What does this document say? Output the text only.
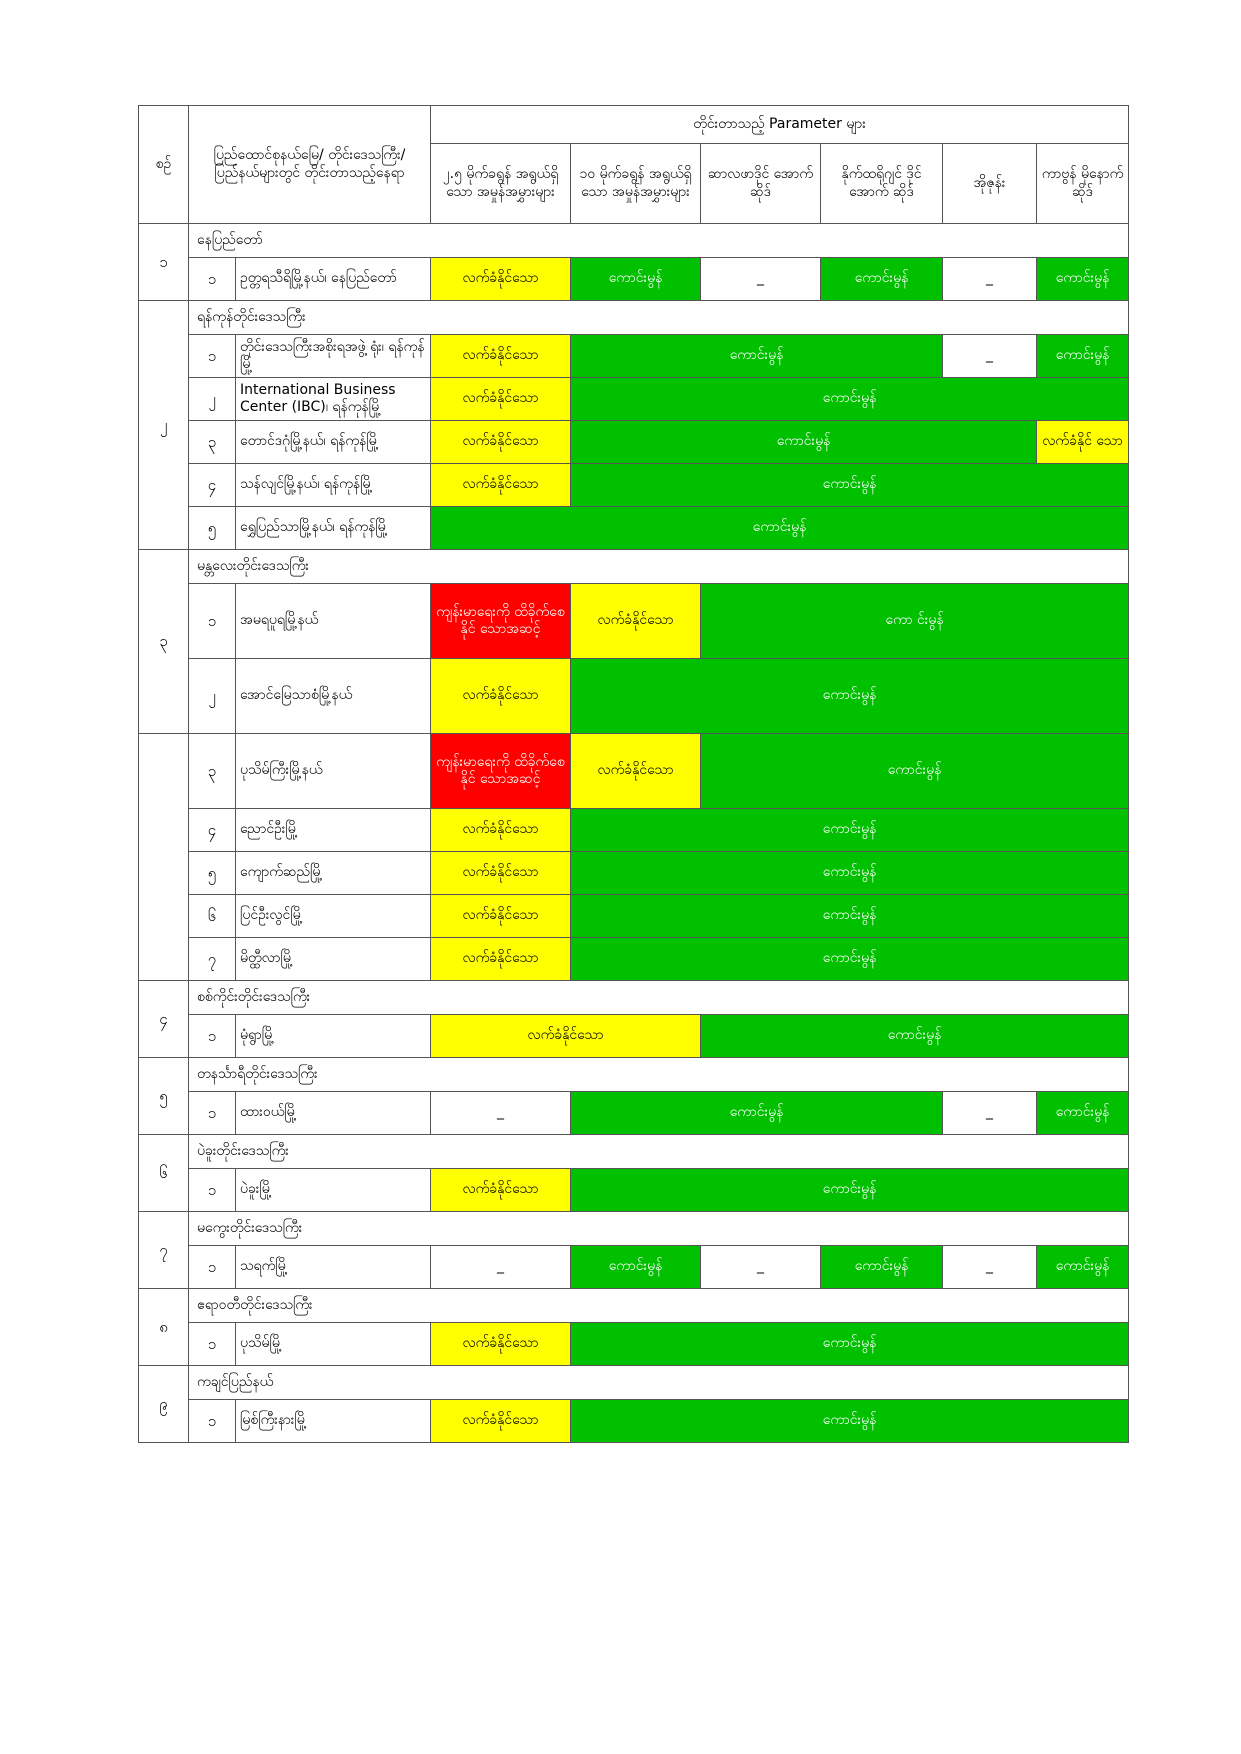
စဉ်	ပြည်ထောင်စုနယ်မြေ/ တိုင်းဒေသကြီး/ ပြည်နယ်များတွင် တိုင်းတာသည့်နေရာ		တိုင်းတာသည့် Parameter များ					
			၂.၅ မိုက်ခရွန် အရွယ်ရှိသော အမှုန်အမွှားများ	၁၀ မိုက်ခရွန် အရွယ်ရှိသော အမှုန်အမွှားများ	ဆာလဖာဒိုင် အောက်ဆိုဒ်	နိုက်ထရိုဂျင် ဒိုင်အောက် ဆိုဒ်	အိုဇုန်း	ကာဗွန် မိုနောက် ဆိုဒ်
၁	နေပြည်တော်							
	၁	ဥတ္တရသီရိမြို့နယ်၊ နေပြည်တော်	လက်ခံနိုင်သော	ကောင်းမွန်	_	ကောင်းမွန်	_	ကောင်းမွန်
၂	ရန်ကုန်တိုင်းဒေသကြီး							
	၁	တိုင်းဒေသကြီးအစိုးရအဖွဲ့ ရုံး၊ ရန်ကုန်မြို့	လက်ခံနိုင်သော	ကောင်းမွန်			_	ကောင်းမွန်
	၂	International Business Center (IBC)၊ ရန်ကုန်မြို့	လက်ခံနိုင်သော	ကောင်းမွန်				
	၃	တောင်ဒဂုံမြို့နယ်၊ ရန်ကုန်မြို့	လက်ခံနိုင်သော	ကောင်းမွန်				လက်ခံနိုင် သော
	၄	သန်လျင်မြို့နယ်၊ ရန်ကုန်မြို့	လက်ခံနိုင်သော	ကောင်းမွန်				
	၅	ရွှေပြည်သာမြို့နယ်၊ ရန်ကုန်မြို့	ကောင်းမွန်					
၃	မန္တလေးတိုင်းဒေသကြီး							
	၁	အမရပူရမြို့နယ်	ကျန်းမာရေးကို ထိခိုက်စေနိုင် သောအဆင့်	လက်ခံနိုင်သော	ကော င်းမွန်			
	၂	အောင်မြေသာစံမြို့နယ်	လက်ခံနိုင်သော	ကောင်းမွန်				
	၃	ပုသိမ်ကြီးမြို့နယ်	ကျန်းမာရေးကို ထိခိုက်စေနိုင် သောအဆင့်	လက်ခံနိုင်သော	ကောင်းမွန်			
	၄	ညောင်ဦးမြို့	လက်ခံနိုင်သော	ကောင်းမွန်				
	၅	ကျောက်ဆည်မြို့	လက်ခံနိုင်သော	ကောင်းမွန်				
	၆	ပြင်ဦးလွင်မြို့	လက်ခံနိုင်သော	ကောင်းမွန်				
	၇	မိတ္ထီလာမြို့	လက်ခံနိုင်သော	ကောင်းမွန်				
၄	စစ်ကိုင်းတိုင်းဒေသကြီး							
	၁	မုံရွာမြို့	လက်ခံနိုင်သော		ကောင်းမွန်			
၅	တနင်္သာရီတိုင်းဒေသကြီး							
	၁	ထားဝယ်မြို့	_	ကောင်းမွန်			_	ကောင်းမွန်
၆	ပဲခူးတိုင်းဒေသကြီး							
	၁	ပဲခူးမြို့	လက်ခံနိုင်သော	ကောင်းမွန်				
၇	မကွေးတိုင်းဒေသကြီး							
	၁	သရက်မြို့	_	ကောင်းမွန်	_	ကောင်းမွန်	_	ကောင်းမွန်
၈	ဧရာဝတီတိုင်းဒေသကြီး							
	၁	ပုသိမ်မြို့	လက်ခံနိုင်သော	ကောင်းမွန်				
၉	ကချင်ပြည်နယ်							
	၁	မြစ်ကြီးနားမြို့	လက်ခံနိုင်သော	ကောင်းမွန်				
